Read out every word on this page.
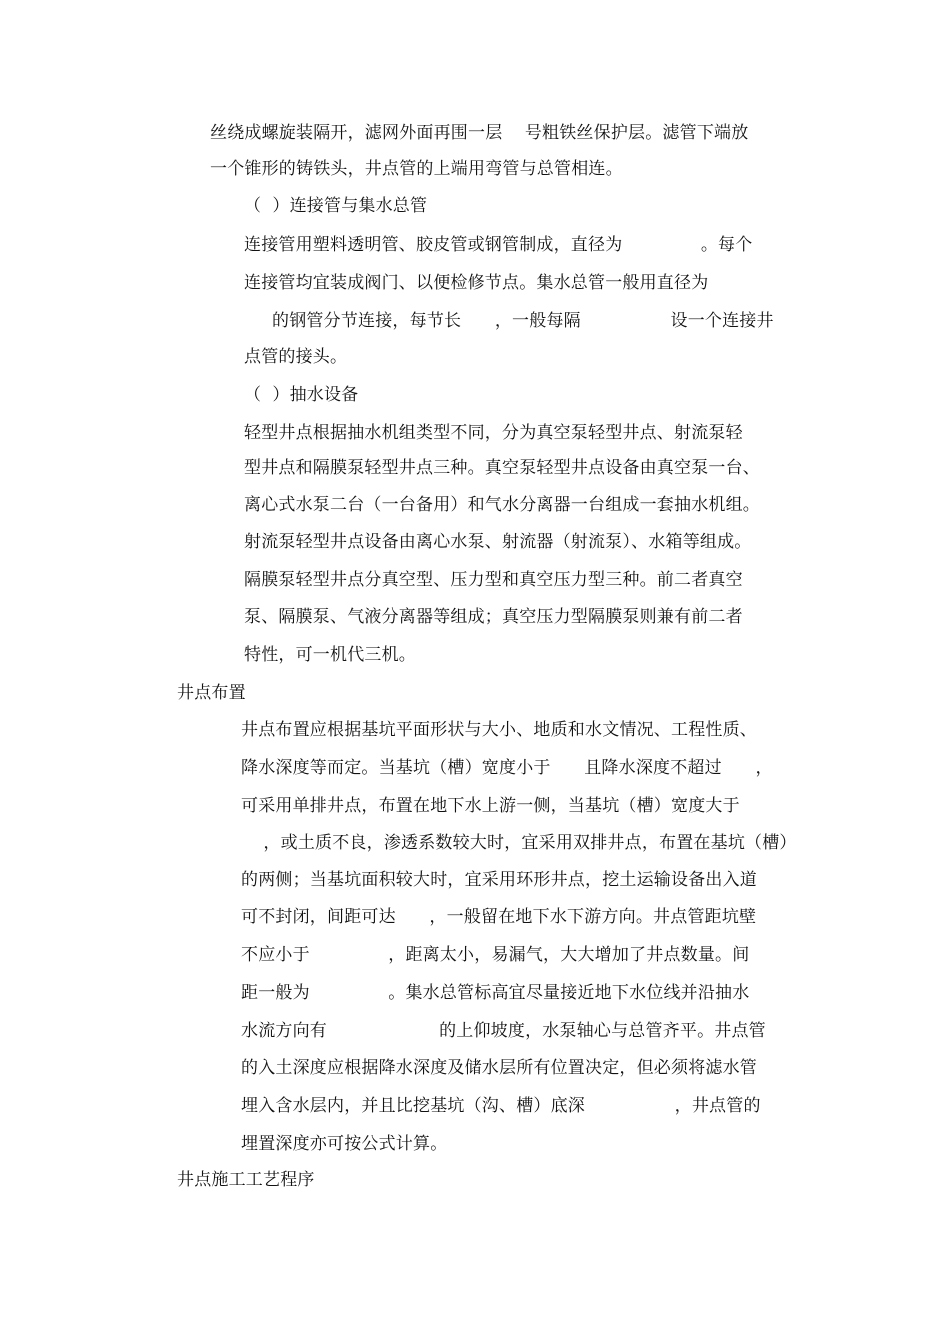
丝绕成螺旋装隔开，滤网外面再围一层    号粗铁丝保护层。滤管下端放
一个锥形的铸铁头，井点管的上端用弯管与总管相连。
（  ）连接管与集水总管
连接管用塑料透明管、胶皮管或钢管制成，直径为              。每个
连接管均宜装成阀门、以便检修节点。集水总管一般用直径为
的钢管分节连接，每节长      ，一般每隔                设一个连接井
点管的接头。
（  ）抽水设备
轻型井点根据抽水机组类型不同，分为真空泵轻型井点、射流泵轻
型井点和隔膜泵轻型井点三种。真空泵轻型井点设备由真空泵一台、
离心式水泵二台（一台备用）和气水分离器一台组成一套抽水机组。
射流泵轻型井点设备由离心水泵、射流器（射流泵）、水箱等组成。
隔膜泵轻型井点分真空型、压力型和真空压力型三种。前二者真空
泵、隔膜泵、气液分离器等组成；真空压力型隔膜泵则兼有前二者
特性，可一机代三机。
井点布置
井点布置应根据基坑平面形状与大小、地质和水文情况、工程性质、
降水深度等而定。当基坑（槽）宽度小于      且降水深度不超过      ，
可采用单排井点，布置在地下水上游一侧，当基坑（槽）宽度大于
，或土质不良，渗透系数较大时，宜采用双排井点，布置在基坑（槽）
的两侧；当基坑面积较大时，宜采用环形井点，挖土运输设备出入道
可不封闭，间距可达      ，一般留在地下水下游方向。井点管距坑壁
不应小于              ，距离太小，易漏气，大大增加了井点数量。间
距一般为              。集水总管标高宜尽量接近地下水位线并沿抽水
水流方向有                    的上仰坡度，水泵轴心与总管齐平。井点管
的入土深度应根据降水深度及储水层所有位置决定，但必须将滤水管
埋入含水层内，并且比挖基坑（沟、槽）底深                ，井点管的
埋置深度亦可按公式计算。
井点施工工艺程序
